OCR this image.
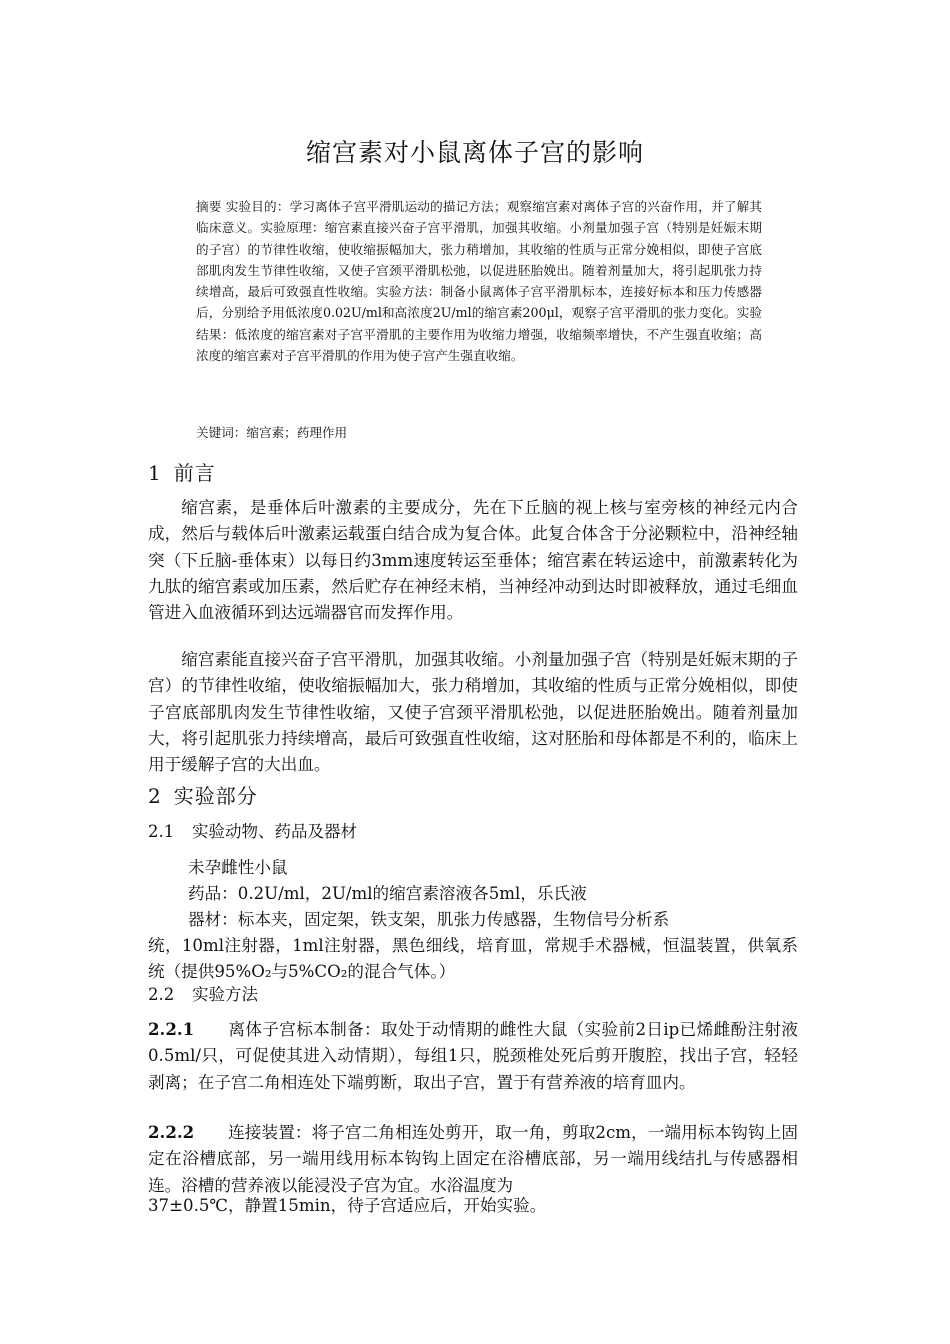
缩宫素对小鼠离体子宫的影响
摘要 实验目的：学习离体子宫平滑肌运动的描记方法；观察缩宫素对离体子宫的兴奋作用，并了解其临床意义。实验原理：缩宫素直接兴奋子宫平滑肌，加强其收缩。小剂量加强子宫（特别是妊娠末期的子宫）的节律性收缩，使收缩振幅加大，张力稍增加，其收缩的性质与正常分娩相似，即使子宫底部肌肉发生节律性收缩，又使子宫颈平滑肌松弛，以促进胚胎娩出。随着剂量加大，将引起肌张力持续增高，最后可致强直性收缩。实验方法：制备小鼠离体子宫平滑肌标本，连接好标本和压力传感器后，分别给予用低浓度0.02U/ml和高浓度2U/ml的缩宫素200μl，观察子宫平滑肌的张力变化。实验结果：低浓度的缩宫素对子宫平滑肌的主要作用为收缩力增强，收缩频率增快，不产生强直收缩；高浓度的缩宫素对子宫平滑肌的作用为使子宫产生强直收缩。
关键词：缩宫素；药理作用
1 前言
缩宫素，是垂体后叶激素的主要成分，先在下丘脑的视上核与室旁核的神经元内合成，然后与载体后叶激素运载蛋白结合成为复合体。此复合体含于分泌颗粒中，沿神经轴突（下丘脑-垂体束）以每日约3mm速度转运至垂体；缩宫素在转运途中，前激素转化为九肽的缩宫素或加压素，然后贮存在神经末梢，当神经冲动到达时即被释放，通过毛细血管进入血液循环到达远端器官而发挥作用。
缩宫素能直接兴奋子宫平滑肌，加强其收缩。小剂量加强子宫（特别是妊娠末期的子宫）的节律性收缩，使收缩振幅加大，张力稍增加，其收缩的性质与正常分娩相似，即使子宫底部肌肉发生节律性收缩，又使子宫颈平滑肌松弛，以促进胚胎娩出。随着剂量加大，将引起肌张力持续增高，最后可致强直性收缩，这对胚胎和母体都是不利的，临床上用于缓解子宫的大出血。
2 实验部分
2.1 实验动物、药品及器材
未孕雌性小鼠
药品：0.2U/ml，2U/ml的缩宫素溶液各5ml，乐氏液
器材：标本夹，固定架，铁支架，肌张力传感器，生物信号分析系
统，10ml注射器，1ml注射器，黑色细线，培育皿，常规手术器械，恒温装置，供氧系统（提供95%O₂与5%CO₂的混合气体。）
2.2 实验方法
2.2.1 离体子宫标本制备：取处于动情期的雌性大鼠（实验前2日ip已烯雌酚注射液0.5ml/只，可促使其进入动情期），每组1只，脱颈椎处死后剪开腹腔，找出子宫，轻轻剥离；在子宫二角相连处下端剪断，取出子宫，置于有营养液的培育皿内。
2.2.2 连接装置：将子宫二角相连处剪开，取一角，剪取2cm，一端用标本钩钩上固定在浴槽底部，另一端用线用标本钩钩上固定在浴槽底部，另一端用线结扎与传感器相连。浴槽的营养液以能浸没子宫为宜。水浴温度为
37±0.5℃，静置15min，待子宫适应后，开始实验。
